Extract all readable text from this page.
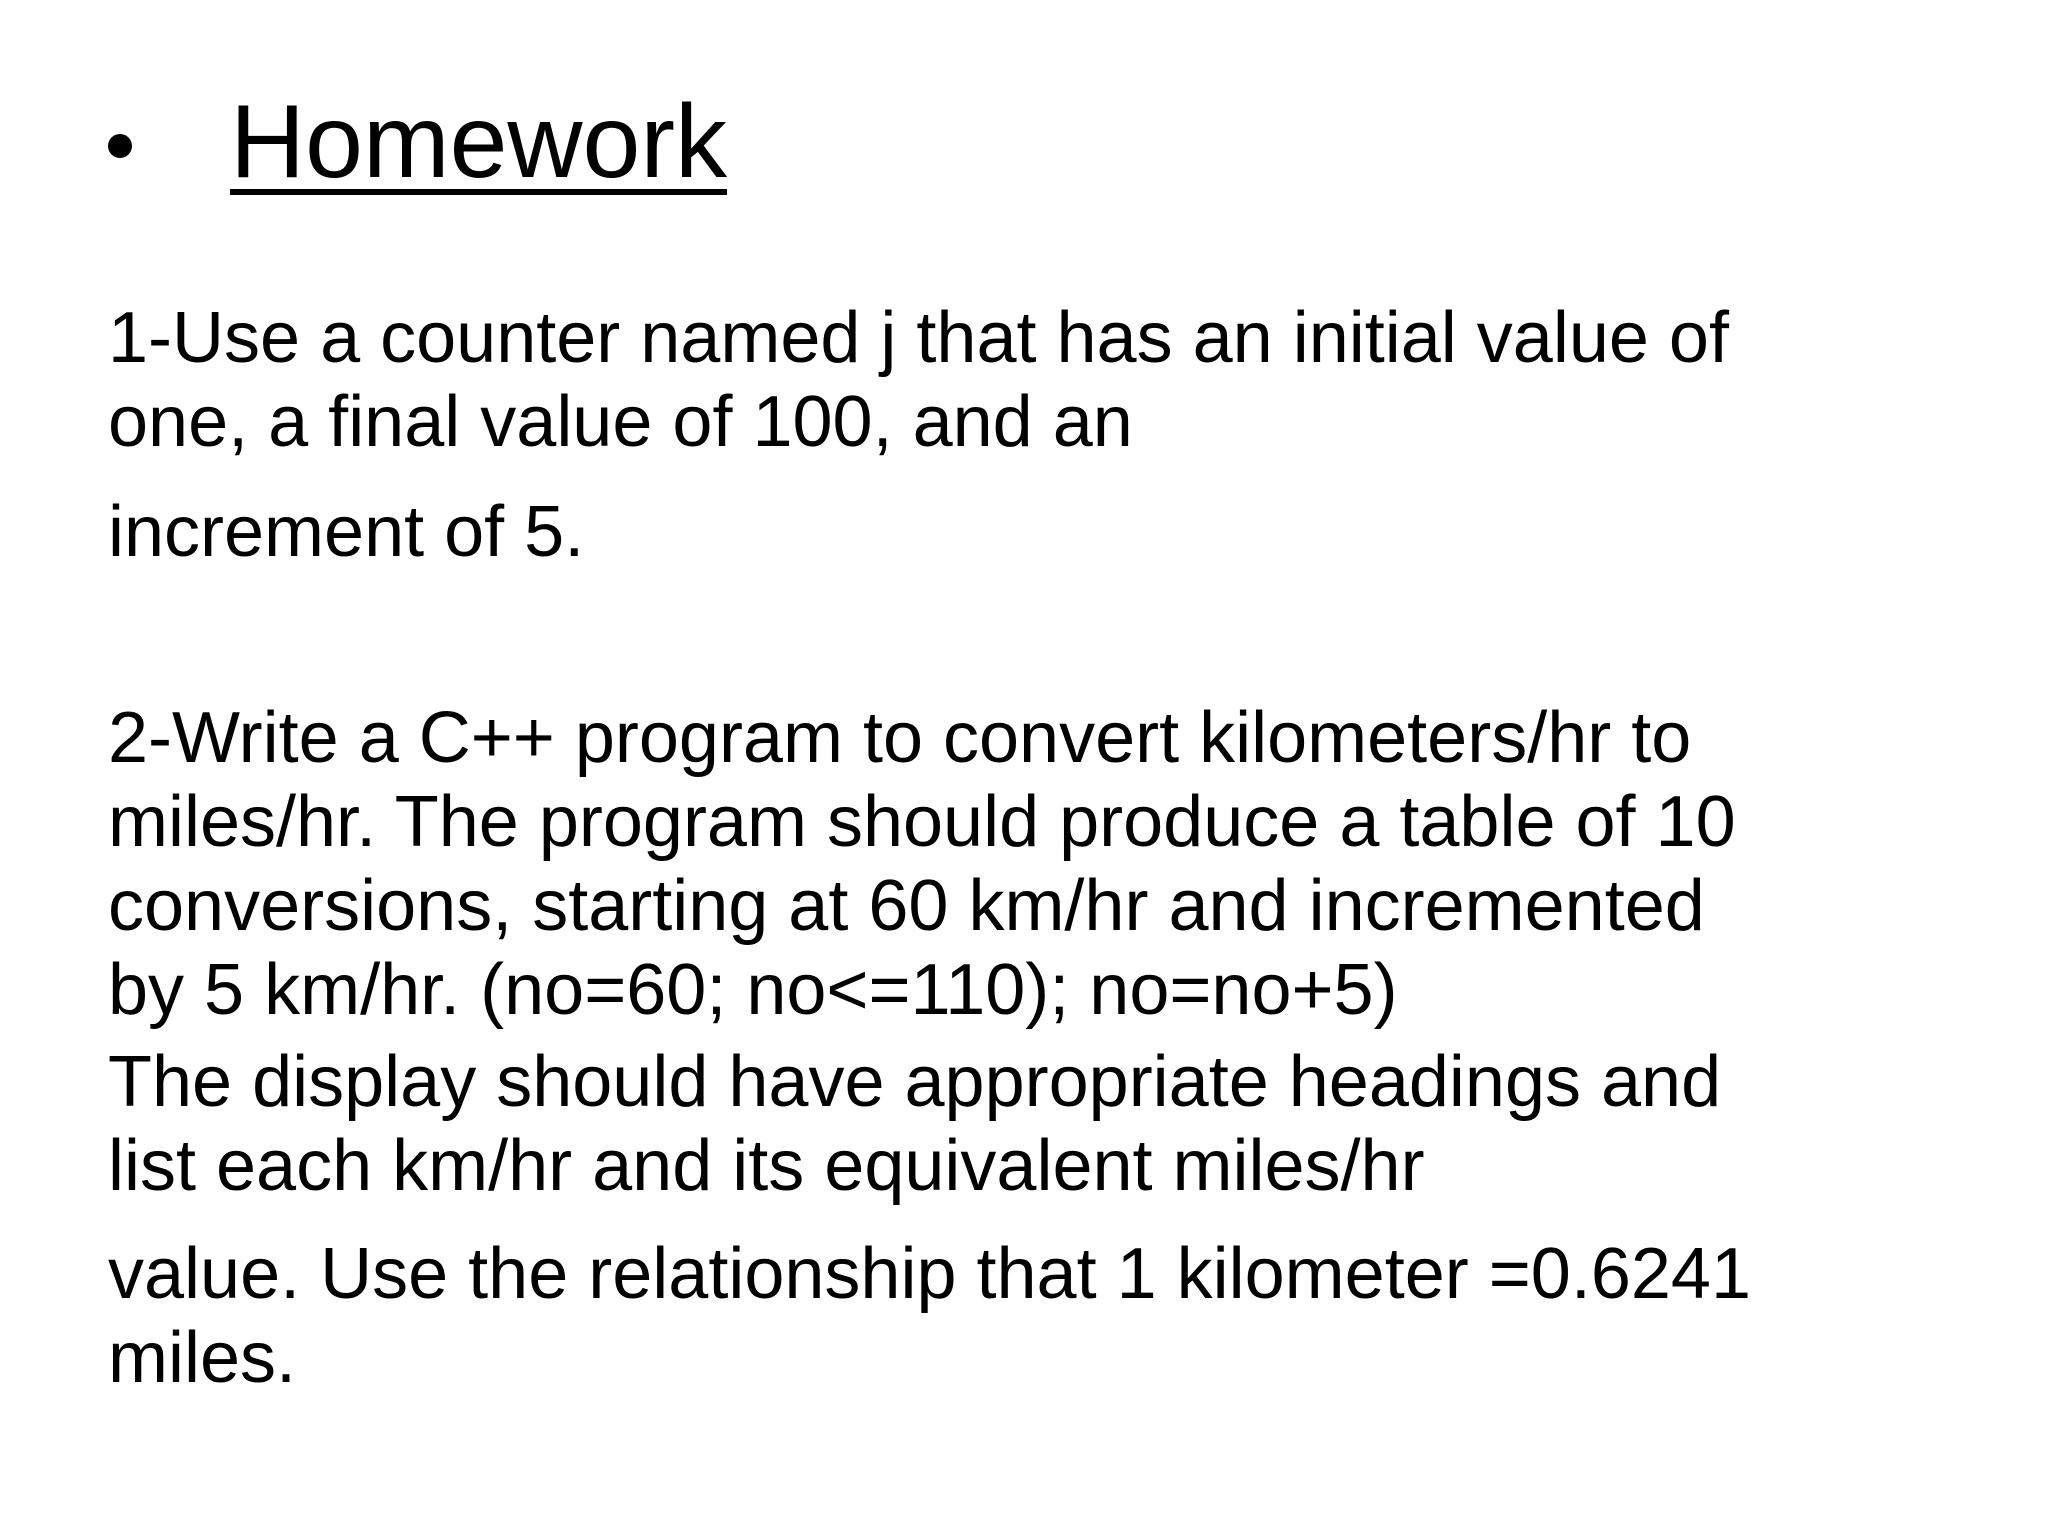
Homework
1-Use a counter named j that has an initial value of
one, a final value of 100, and an
increment of 5.
2-Write a C++ program to convert kilometers/hr to
miles/hr. The program should produce a table of 10
conversions, starting at 60 km/hr and incremented
by 5 km/hr. (no=60; no<=110); no=no+5)
The display should have appropriate headings and
list each km/hr and its equivalent miles/hr
value. Use the relationship that 1 kilometer =0.6241
miles.
